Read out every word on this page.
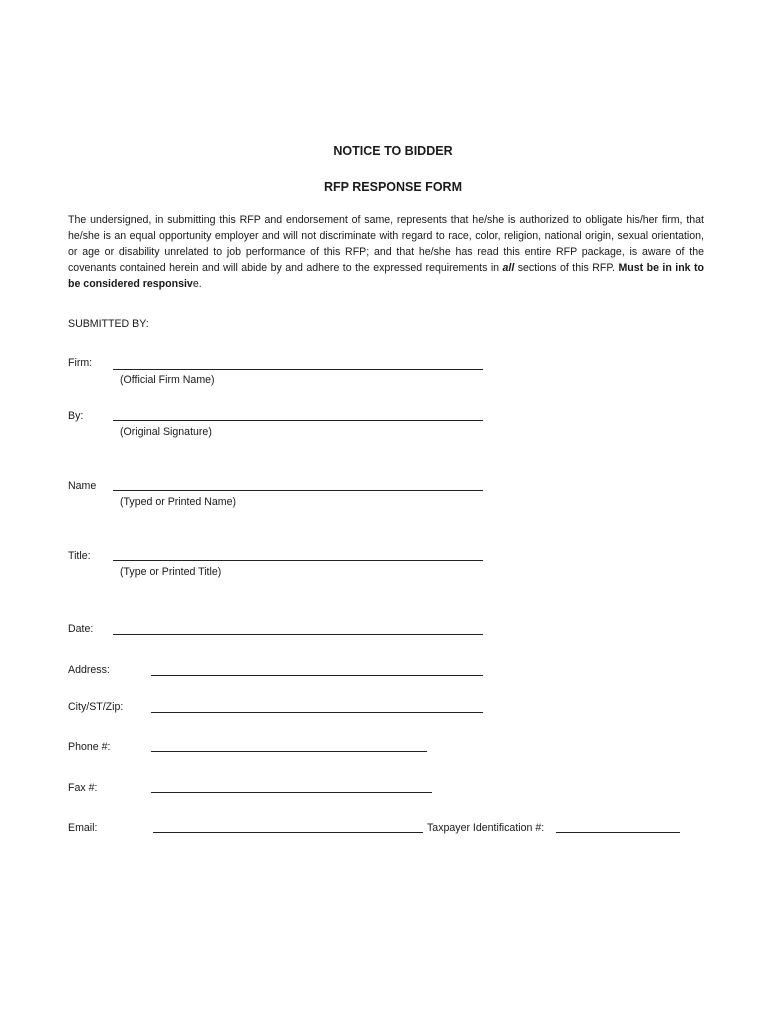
NOTICE TO BIDDER
RFP RESPONSE FORM
The undersigned, in submitting this RFP and endorsement of same, represents that he/she is authorized to obligate his/her firm, that he/she is an equal opportunity employer and will not discriminate with regard to race, color, religion, national origin, sexual orientation, or age or disability unrelated to job performance of this RFP; and that he/she has read this entire RFP package, is aware of the covenants contained herein and will abide by and adhere to the expressed requirements in all sections of this RFP. Must be in ink to be considered responsive.
SUBMITTED BY:
Firm:
(Official Firm Name)
By:
(Original Signature)
Name
(Typed or Printed Name)
Title:
(Type or Printed Title)
Date:
Address:
City/ST/Zip:
Phone #:
Fax #:
Email:	Taxpayer Identification #:
